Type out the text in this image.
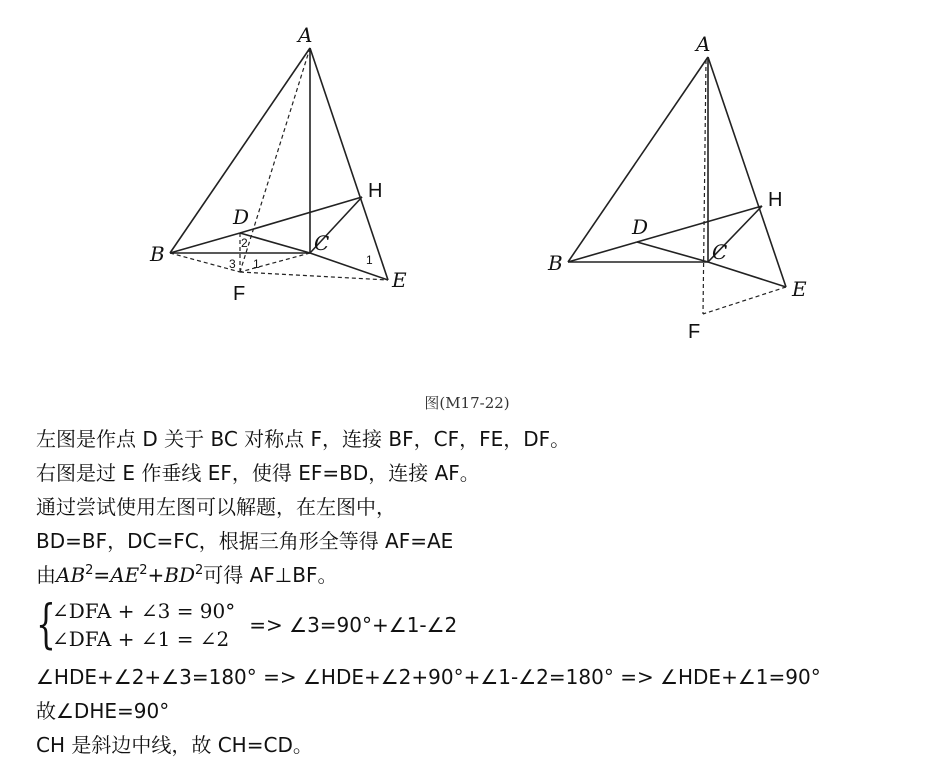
A
B	C
D
E
F
H
2
3 1	1
A
B	C
D
E
F
H
图(M17-22)
左图是作点 D 关于 BC 对称点 F，连接 BF，CF，FE，DF。
右图是过 E 作垂线 EF，使得 EF=BD，连接 AF。
通过尝试使用左图可以解题，在左图中，
BD=BF，DC=FC，根据三角形全等得 AF=AE
由$AB^2=AE^2+BD^2$可得 AF⊥BF。
{
∠DFA + ∠3 = 90°
∠DFA + ∠1 = ∠2
=> ∠3=90°+∠1-∠2
∠HDE+∠2+∠3=180° => ∠HDE+∠2+90°+∠1-∠2=180° => ∠HDE+∠1=90°
故∠DHE=90°
CH 是斜边中线，故 CH=CD。
